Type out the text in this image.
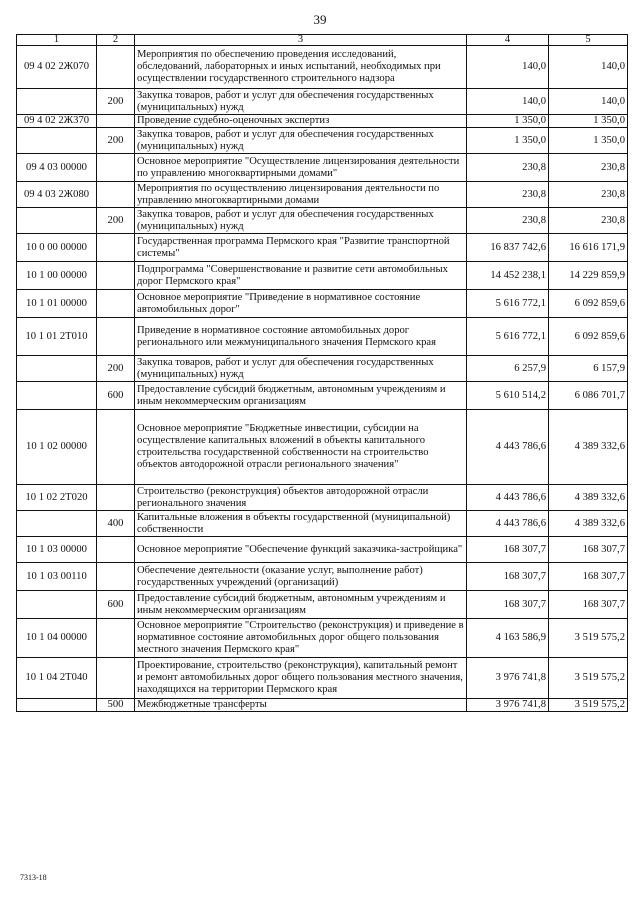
39
1	2	3	4	5
09 4 02 2Ж070		Мероприятия по обеспечению проведения исследований, обследований, лабораторных и иных испытаний, необходимых при осуществлении государственного строительного надзора	140,0	140,0
	200	Закупка товаров, работ и услуг для обеспечения государственных (муниципальных) нужд	140,0	140,0
09 4 02 2Ж370		Проведение судебно-оценочных экспертиз	1 350,0	1 350,0
	200	Закупка товаров, работ и услуг для обеспечения государственных (муниципальных) нужд	1 350,0	1 350,0
09 4 03 00000		Основное мероприятие "Осуществление лицензирования деятельности по управлению многоквартирными домами"	230,8	230,8
09 4 03 2Ж080		Мероприятия по осуществлению лицензирования деятельности по управлению многоквартирными домами	230,8	230,8
	200	Закупка товаров, работ и услуг для обеспечения государственных (муниципальных) нужд	230,8	230,8
10 0 00 00000		Государственная программа Пермского края "Развитие транспортной системы"	16 837 742,6	16 616 171,9
10 1 00 00000		Подпрограмма "Совершенствование и развитие сети автомобильных дорог Пермского края"	14 452 238,1	14 229 859,9
10 1 01 00000		Основное мероприятие "Приведение в нормативное состояние автомобильных дорог"	5 616 772,1	6 092 859,6
10 1 01 2Т010		Приведение в нормативное состояние автомобильных дорог регионального или межмуниципального значения Пермского края	5 616 772,1	6 092 859,6
	200	Закупка товаров, работ и услуг для обеспечения государственных (муниципальных) нужд	6 257,9	6 157,9
	600	Предоставление субсидий бюджетным, автономным учреждениям и иным некоммерческим организациям	5 610 514,2	6 086 701,7
10 1 02 00000		Основное мероприятие "Бюджетные инвестиции, субсидии на осуществление капитальных вложений в объекты капитального строительства государственной собственности на строительство объектов автодорожной отрасли регионального значения"	4 443 786,6	4 389 332,6
10 1 02 2Т020		Строительство (реконструкция) объектов автодорожной отрасли регионального значения	4 443 786,6	4 389 332,6
	400	Капитальные вложения в объекты государственной (муниципальной) собственности	4 443 786,6	4 389 332,6
10 1 03 00000		Основное мероприятие "Обеспечение функций заказчика-застройщика"	168 307,7	168 307,7
10 1 03 00110		Обеспечение деятельности (оказание услуг, выполнение работ) государственных учреждений (организаций)	168 307,7	168 307,7
	600	Предоставление субсидий бюджетным, автономным учреждениям и иным некоммерческим организациям	168 307,7	168 307,7
10 1 04 00000		Основное мероприятие "Строительство (реконструкция) и приведение в нормативное состояние автомобильных дорог общего пользования местного значения Пермского края"	4 163 586,9	3 519 575,2
10 1 04 2Т040		Проектирование, строительство (реконструкция), капитальный ремонт и ремонт автомобильных дорог общего пользования местного значения, находящихся на территории Пермского края	3 976 741,8	3 519 575,2
	500	Межбюджетные трансферты	3 976 741,8	3 519 575,2
7313-18
